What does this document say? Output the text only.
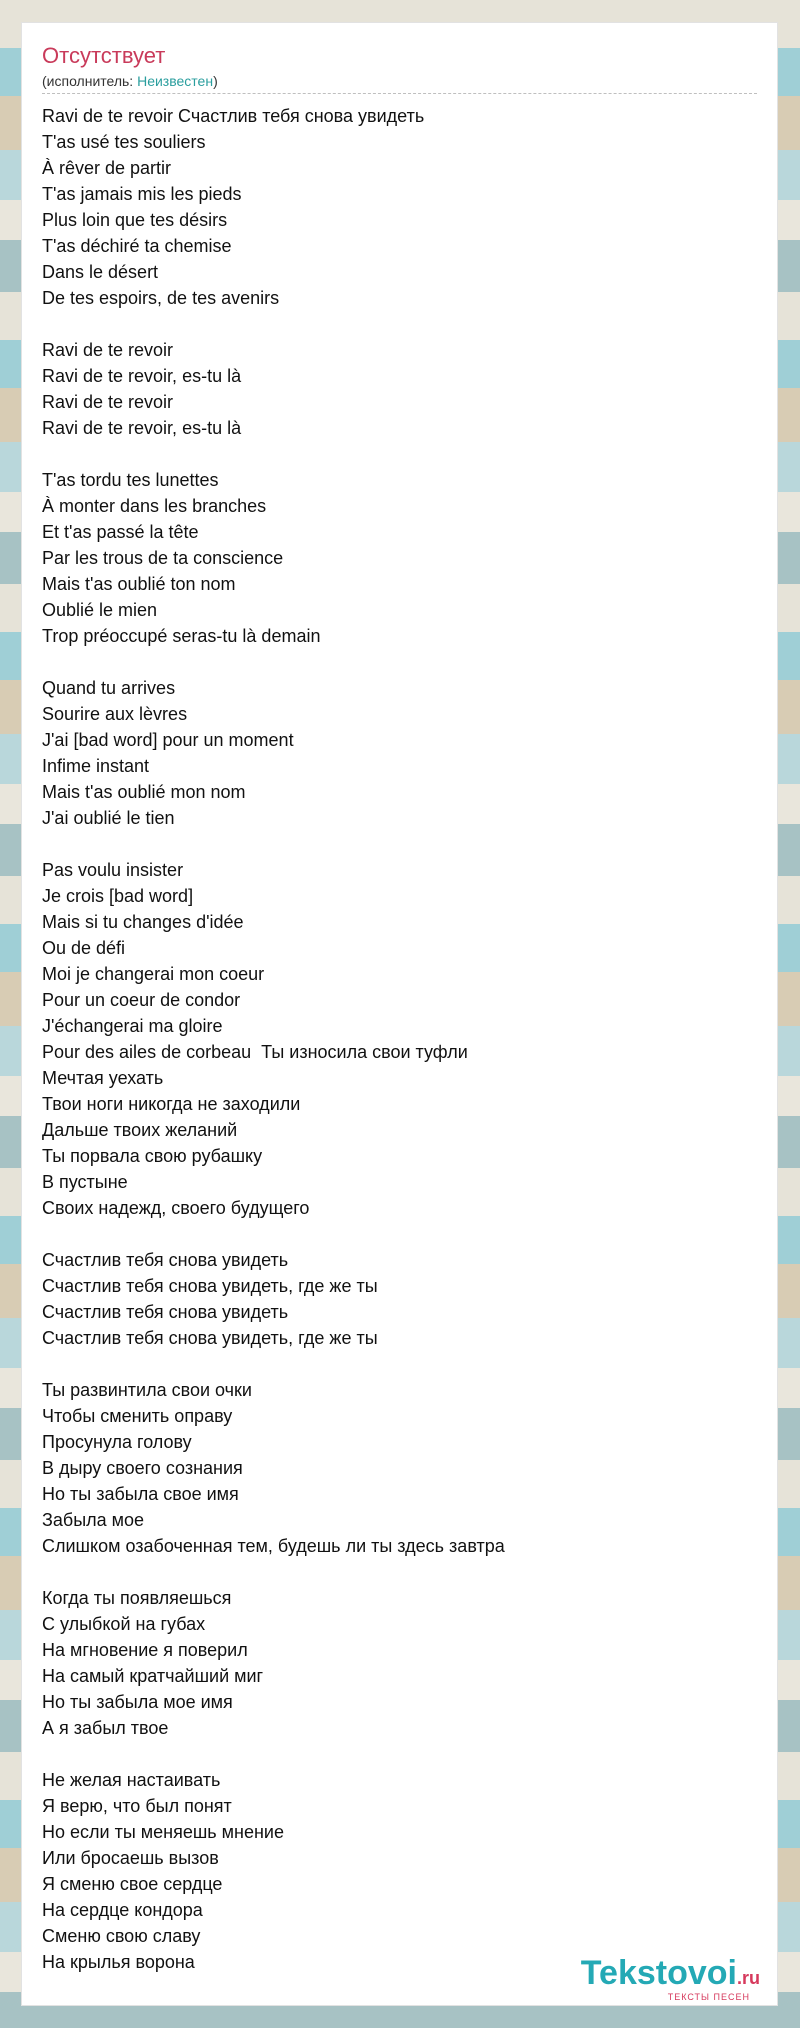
Отсутствует
(исполнитель: Неизвестен)
Ravi de te revoir Счастлив тебя снова увидеть
T'as usé tes souliers
À rêver de partir
T'as jamais mis les pieds
Plus loin que tes désirs
T'as déchiré ta chemise
Dans le désert
De tes espoirs, de tes avenirs
Ravi de te revoir
Ravi de te revoir, es-tu là
Ravi de te revoir
Ravi de te revoir, es-tu là
T'as tordu tes lunettes
À monter dans les branches
Et t'as passé la tête
Par les trous de ta conscience
Mais t'as oublié ton nom
Oublié le mien
Trop préoccupé seras-tu là demain
Quand tu arrives
Sourire aux lèvres
J'ai [bad word] pour un moment
Infime instant
Mais t'as oublié mon nom
J'ai oublié le tien
Pas voulu insister
Je crois [bad word]
Mais si tu changes d'idée
Ou de défi
Moi je changerai mon coeur
Pour un coeur de condor
J'échangerai ma gloire
Pour des ailes de corbeau  Ты износила свои туфли
Мечтая уехать
Твои ноги никогда не заходили
Дальше твоих желаний
Ты порвала свою рубашку
В пустыне
Своих надежд, своего будущего
Счастлив тебя снова увидеть
Счастлив тебя снова увидеть, где же ты
Счастлив тебя снова увидеть
Счастлив тебя снова увидеть, где же ты
Ты развинтила свои очки
Чтобы сменить оправу
Просунула голову
В дыру своего сознания
Но ты забыла свое имя
Забыла мое
Слишком озабоченная тем, будешь ли ты здесь завтра
Когда ты появляешься
С улыбкой на губах
На мгновение я поверил
На самый кратчайший миг
Но ты забыла мое имя
А я забыл твое
Не желая настаивать
Я верю, что был понят
Но если ты меняешь мнение
Или бросаешь вызов
Я сменю свое сердце
На сердце кондора
Сменю свою славу
На крылья ворона	Tekstovoi.ru
ТЕКСТЫ ПЕСЕН
